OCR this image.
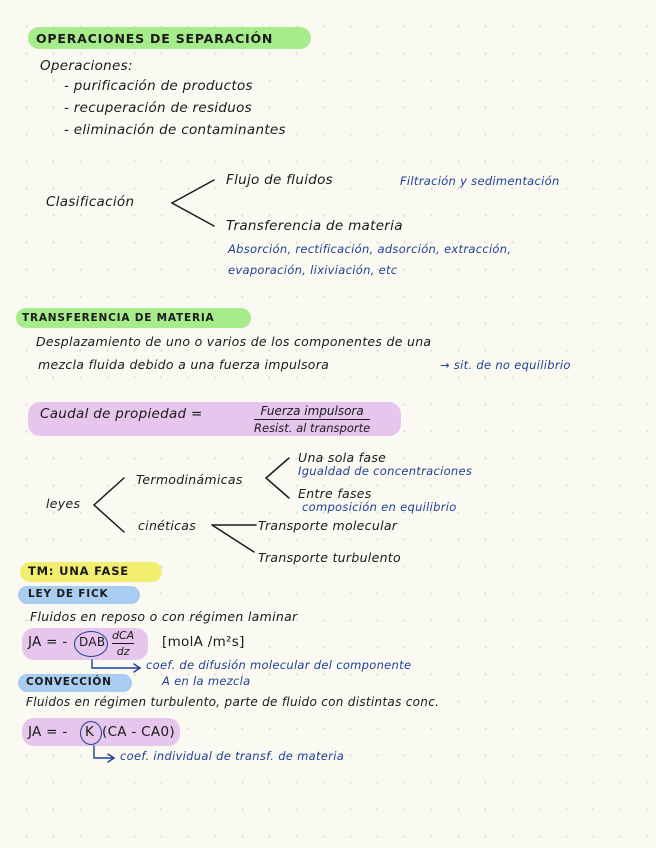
OPERACIONES DE SEPARACIÓN
Operaciones:
- purificación de productos
- recuperación de residuos
- eliminación de contaminantes
Clasificación
Flujo de fluidos	Filtración y sedimentación
Transferencia de materia
Absorción, rectificación, adsorción, extracción,
evaporación, lixiviación, etc
TRANSFERENCIA DE MATERIA
Desplazamiento de uno o varios de los componentes de una
mezcla fluida debido a una fuerza impulsora	→ sit. de no equilibrio
Caudal de propiedad =	Fuerza impulsora
Resist. al transporte
leyes
Termodinámicas
Una sola fase
Igualdad de concentraciones
Entre fases
composición en equilibrio
cinéticas	Transporte molecular
Transporte turbulento
TM: UNA FASE
LEY DE FICK
Fluidos en reposo o con régimen laminar
JA = - DAB dCA
dz
[molA /m²s]
coef. de difusión molecular del componente
A en la mezcla
CONVECCIÓN
Fluidos en régimen turbulento, parte de fluido con distintas conc.
JA = - K (CA - CA0)
coef. individual de transf. de materia
